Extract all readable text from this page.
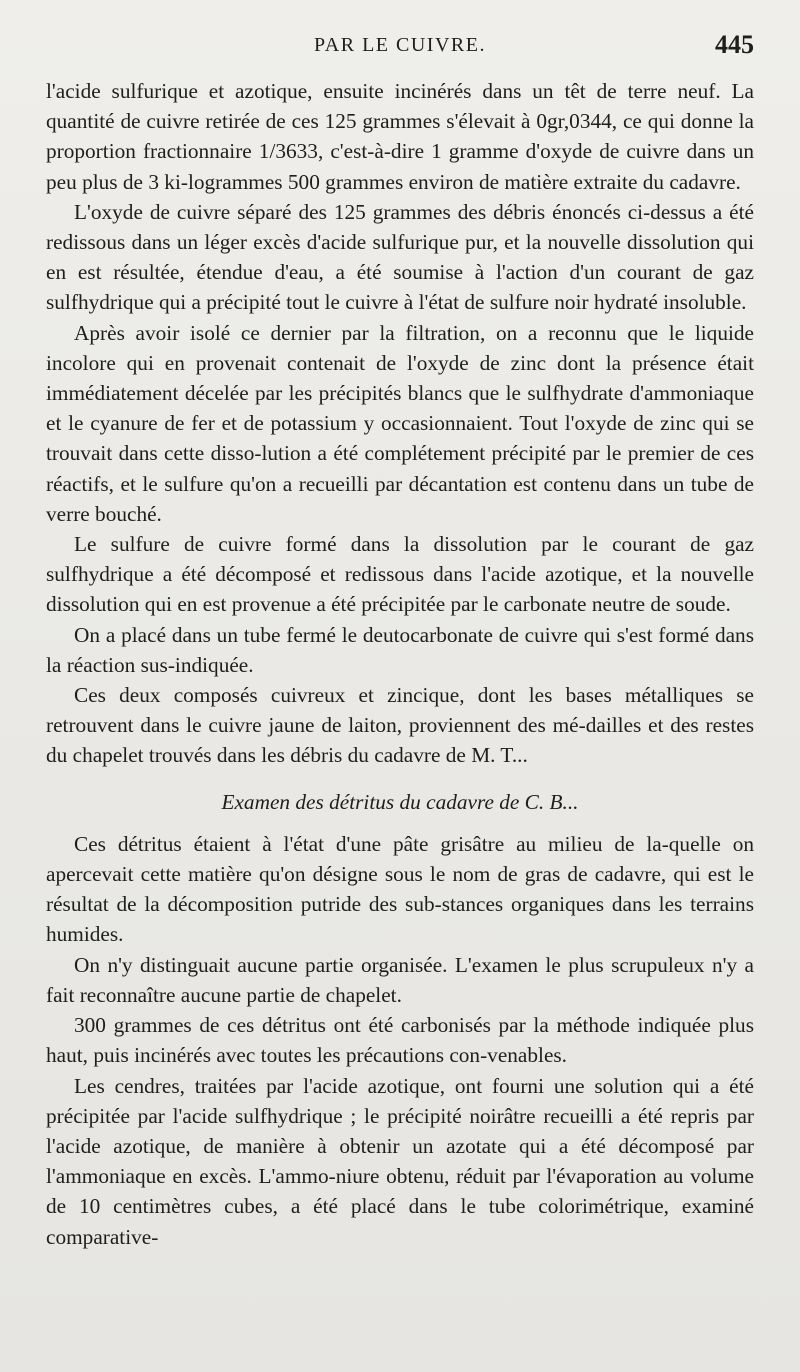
PAR LE CUIVRE.	445

l'acide sulfurique et azotique, ensuite incinérés dans un têt de terre neuf. La quantité de cuivre retirée de ces 125 grammes s'élevait à 0gr,0344, ce qui donne la proportion fractionnaire 1/3633, c'est-à-dire 1 gramme d'oxyde de cuivre dans un peu plus de 3 ki-logrammes 500 grammes environ de matière extraite du cadavre.

L'oxyde de cuivre séparé des 125 grammes des débris énoncés ci-dessus a été redissous dans un léger excès d'acide sulfurique pur, et la nouvelle dissolution qui en est résultée, étendue d'eau, a été soumise à l'action d'un courant de gaz sulfhydrique qui a précipité tout le cuivre à l'état de sulfure noir hydraté insoluble.

Après avoir isolé ce dernier par la filtration, on a reconnu que le liquide incolore qui en provenait contenait de l'oxyde de zinc dont la présence était immédiatement décelée par les précipités blancs que le sulfhydrate d'ammoniaque et le cyanure de fer et de potassium y occasionnaient. Tout l'oxyde de zinc qui se trouvait dans cette disso-lution a été complétement précipité par le premier de ces réactifs, et le sulfure qu'on a recueilli par décantation est contenu dans un tube de verre bouché.

Le sulfure de cuivre formé dans la dissolution par le courant de gaz sulfhydrique a été décomposé et redissous dans l'acide azotique, et la nouvelle dissolution qui en est provenue a été précipitée par le carbonate neutre de soude.

On a placé dans un tube fermé le deutocarbonate de cuivre qui s'est formé dans la réaction sus-indiquée.

Ces deux composés cuivreux et zincique, dont les bases métalliques se retrouvent dans le cuivre jaune de laiton, proviennent des mé-dailles et des restes du chapelet trouvés dans les débris du cadavre de M. T...

Examen des détritus du cadavre de C. B...

Ces détritus étaient à l'état d'une pâte grisâtre au milieu de la-quelle on apercevait cette matière qu'on désigne sous le nom de gras de cadavre, qui est le résultat de la décomposition putride des sub-stances organiques dans les terrains humides.

On n'y distinguait aucune partie organisée. L'examen le plus scrupuleux n'y a fait reconnaître aucune partie de chapelet.

300 grammes de ces détritus ont été carbonisés par la méthode indiquée plus haut, puis incinérés avec toutes les précautions con-venables.

Les cendres, traitées par l'acide azotique, ont fourni une solution qui a été précipitée par l'acide sulfhydrique ; le précipité noirâtre recueilli a été repris par l'acide azotique, de manière à obtenir un azotate qui a été décomposé par l'ammoniaque en excès. L'ammo-niure obtenu, réduit par l'évaporation au volume de 10 centimètres cubes, a été placé dans le tube colorimétrique, examiné comparative-
